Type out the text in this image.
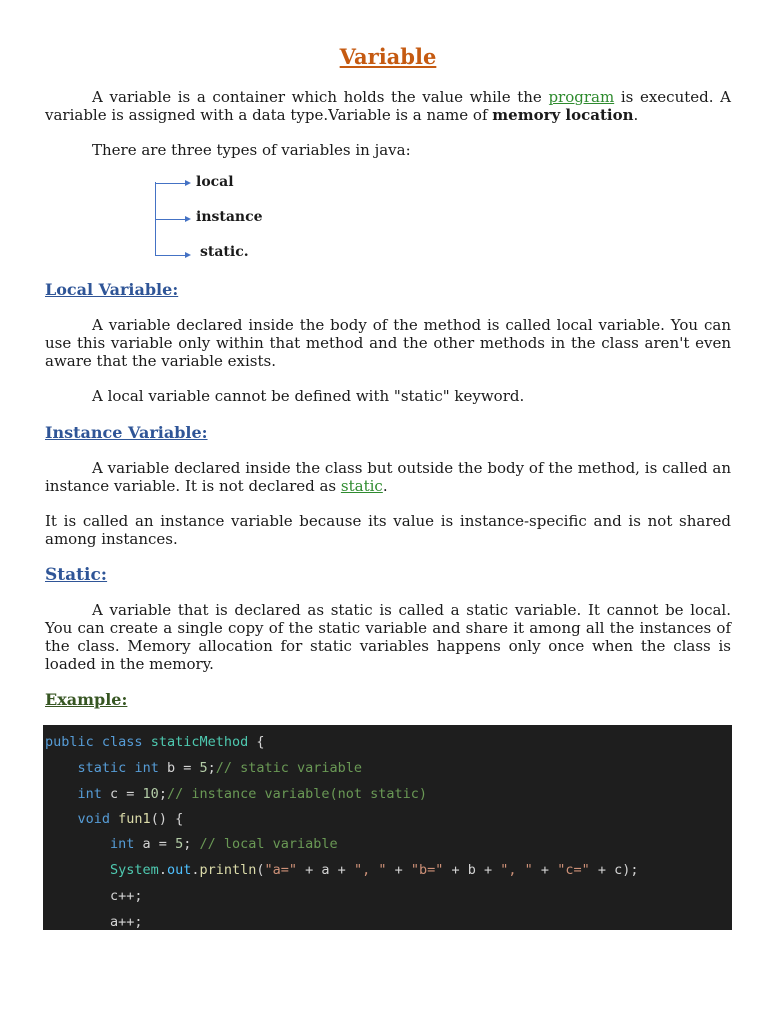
Variable

A variable is a container which holds the value while the program is executed. A variable is assigned with a data type.Variable is a name of memory location.

There are three types of variables in java:

local
instance
static.
Local Variable:

A variable declared inside the body of the method is called local variable. You can use this variable only within that method and the other methods in the class aren't even aware that the variable exists.

A local variable cannot be defined with "static" keyword.

Instance Variable:

A variable declared inside the class but outside the body of the method, is called an instance variable. It is not declared as static.

It is called an instance variable because its value is instance-specific and is not shared among instances.

Static:

A variable that is declared as static is called a static variable. It cannot be local. You can create a single copy of the static variable and share it among all the instances of the class. Memory allocation for static variables happens only once when the class is loaded in the memory.

Example:
public class staticMethod {
static int b = 5;// static variable
int c = 10;// instance variable(not static)
void fun1() {
int a = 5; // local variable
System.out.println("a=" + a + ", " + "b=" + b + ", " + "c=" + c);
c++;
a++;
